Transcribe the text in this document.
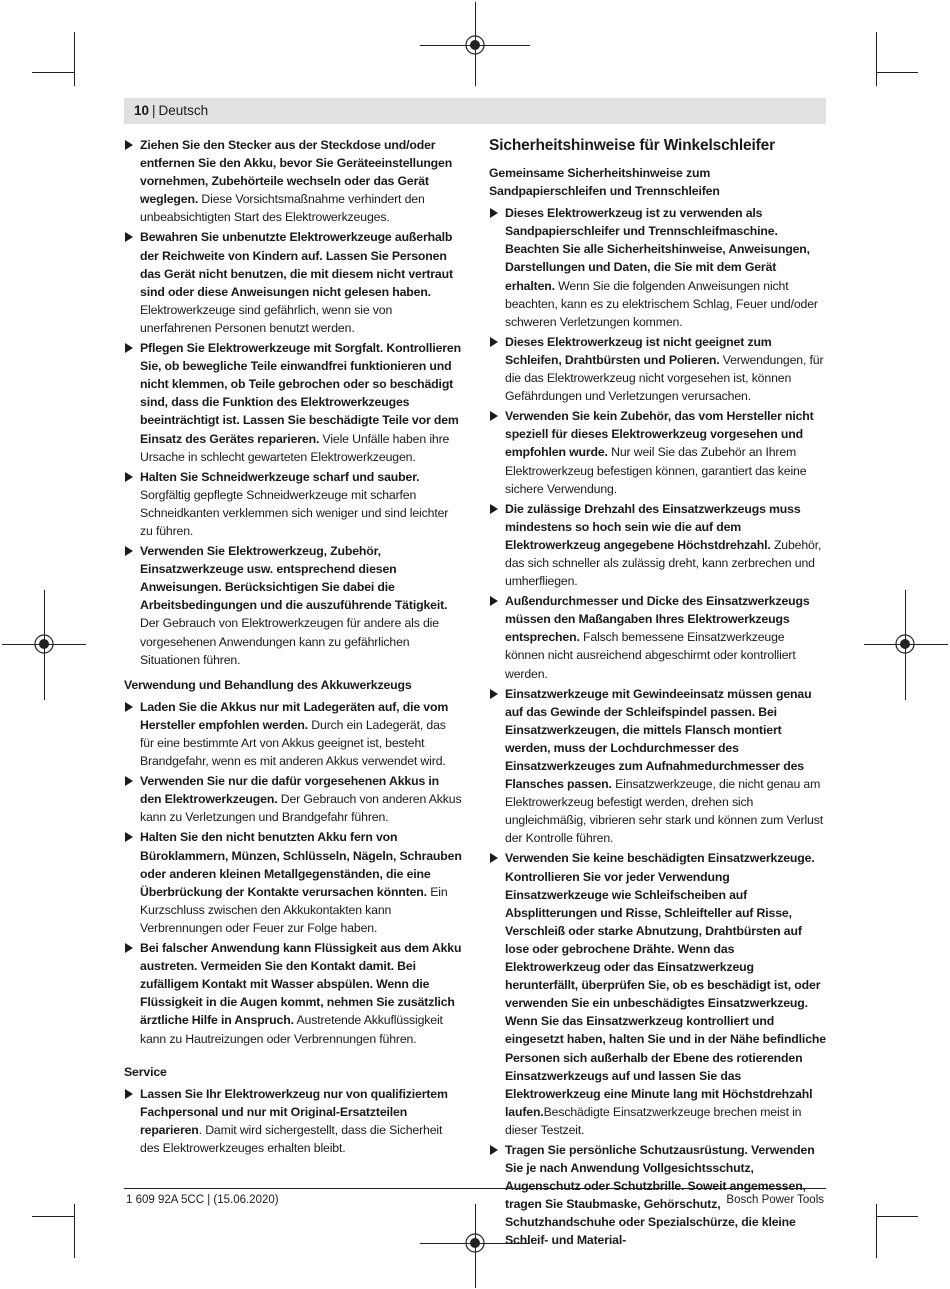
10 | Deutsch
Ziehen Sie den Stecker aus der Steckdose und/oder entfernen Sie den Akku, bevor Sie Geräteeinstellungen vornehmen, Zubehörteile wechseln oder das Gerät weglegen. Diese Vorsichtsmaßnahme verhindert den unbeabsichtigten Start des Elektrowerkzeuges.
Bewahren Sie unbenutzte Elektrowerkzeuge außerhalb der Reichweite von Kindern auf. Lassen Sie Personen das Gerät nicht benutzen, die mit diesem nicht vertraut sind oder diese Anweisungen nicht gelesen haben. Elektrowerkzeuge sind gefährlich, wenn sie von unerfahrenen Personen benutzt werden.
Pflegen Sie Elektrowerkzeuge mit Sorgfalt. Kontrollieren Sie, ob bewegliche Teile einwandfrei funktionieren und nicht klemmen, ob Teile gebrochen oder so beschädigt sind, dass die Funktion des Elektrowerkzeuges beeinträchtigt ist. Lassen Sie beschädigte Teile vor dem Einsatz des Gerätes reparieren. Viele Unfälle haben ihre Ursache in schlecht gewarteten Elektrowerkzeugen.
Halten Sie Schneidwerkzeuge scharf und sauber. Sorgfältig gepflegte Schneidwerkzeuge mit scharfen Schneidkanten verklemmen sich weniger und sind leichter zu führen.
Verwenden Sie Elektrowerkzeug, Zubehör, Einsatzwerkzeuge usw. entsprechend diesen Anweisungen. Berücksichtigen Sie dabei die Arbeitsbedingungen und die auszuführende Tätigkeit. Der Gebrauch von Elektrowerkzeugen für andere als die vorgesehenen Anwendungen kann zu gefährlichen Situationen führen.
Verwendung und Behandlung des Akkuwerkzeugs
Laden Sie die Akkus nur mit Ladegeräten auf, die vom Hersteller empfohlen werden. Durch ein Ladegerät, das für eine bestimmte Art von Akkus geeignet ist, besteht Brandgefahr, wenn es mit anderen Akkus verwendet wird.
Verwenden Sie nur die dafür vorgesehenen Akkus in den Elektrowerkzeugen. Der Gebrauch von anderen Akkus kann zu Verletzungen und Brandgefahr führen.
Halten Sie den nicht benutzten Akku fern von Büroklammern, Münzen, Schlüsseln, Nägeln, Schrauben oder anderen kleinen Metallgegenständen, die eine Überbrückung der Kontakte verursachen könnten. Ein Kurzschluss zwischen den Akkukontakten kann Verbrennungen oder Feuer zur Folge haben.
Bei falscher Anwendung kann Flüssigkeit aus dem Akku austreten. Vermeiden Sie den Kontakt damit. Bei zufälligem Kontakt mit Wasser abspülen. Wenn die Flüssigkeit in die Augen kommt, nehmen Sie zusätzlich ärztliche Hilfe in Anspruch. Austretende Akkuflüssigkeit kann zu Hautreizungen oder Verbrennungen führen.
Service
Lassen Sie Ihr Elektrowerkzeug nur von qualifiziertem Fachpersonal und nur mit Original-Ersatzteilen reparieren. Damit wird sichergestellt, dass die Sicherheit des Elektrowerkzeuges erhalten bleibt.
Sicherheitshinweise für Winkelschleifer
Gemeinsame Sicherheitshinweise zum Sandpapierschleifen und Trennschleifen
Dieses Elektrowerkzeug ist zu verwenden als Sandpapierschleifer und Trennschleifmaschine. Beachten Sie alle Sicherheitshinweise, Anweisungen, Darstellungen und Daten, die Sie mit dem Gerät erhalten. Wenn Sie die folgenden Anweisungen nicht beachten, kann es zu elektrischem Schlag, Feuer und/oder schweren Verletzungen kommen.
Dieses Elektrowerkzeug ist nicht geeignet zum Schleifen, Drahtbürsten und Polieren. Verwendungen, für die das Elektrowerkzeug nicht vorgesehen ist, können Gefährdungen und Verletzungen verursachen.
Verwenden Sie kein Zubehör, das vom Hersteller nicht speziell für dieses Elektrowerkzeug vorgesehen und empfohlen wurde. Nur weil Sie das Zubehör an Ihrem Elektrowerkzeug befestigen können, garantiert das keine sichere Verwendung.
Die zulässige Drehzahl des Einsatzwerkzeugs muss mindestens so hoch sein wie die auf dem Elektrowerkzeug angegebene Höchstdrehzahl. Zubehör, das sich schneller als zulässig dreht, kann zerbrechen und umherfliegen.
Außendurchmesser und Dicke des Einsatzwerkzeugs müssen den Maßangaben Ihres Elektrowerkzeugs entsprechen. Falsch bemessene Einsatzwerkzeuge können nicht ausreichend abgeschirmt oder kontrolliert werden.
Einsatzwerkzeuge mit Gewindeeinsatz müssen genau auf das Gewinde der Schleifspindel passen. Bei Einsatzwerkzeugen, die mittels Flansch montiert werden, muss der Lochdurchmesser des Einsatzwerkzeuges zum Aufnahmedurchmesser des Flansches passen. Einsatzwerkzeuge, die nicht genau am Elektrowerkzeug befestigt werden, drehen sich ungleichmäßig, vibrieren sehr stark und können zum Verlust der Kontrolle führen.
Verwenden Sie keine beschädigten Einsatzwerkzeuge. Kontrollieren Sie vor jeder Verwendung Einsatzwerkzeuge wie Schleifscheiben auf Absplitterungen und Risse, Schleifteller auf Risse, Verschleiß oder starke Abnutzung, Drahtbürsten auf lose oder gebrochene Drähte. Wenn das Elektrowerkzeug oder das Einsatzwerkzeug herunterfällt, überprüfen Sie, ob es beschädigt ist, oder verwenden Sie ein unbeschädigtes Einsatzwerkzeug. Wenn Sie das Einsatzwerkzeug kontrolliert und eingesetzt haben, halten Sie und in der Nähe befindliche Personen sich außerhalb der Ebene des rotierenden Einsatzwerkzeugs auf und lassen Sie das Elektrowerkzeug eine Minute lang mit Höchstdrehzahl laufen.Beschädigte Einsatzwerkzeuge brechen meist in dieser Testzeit.
Tragen Sie persönliche Schutzausrüstung. Verwenden Sie je nach Anwendung Vollgesichtsschutz, Augenschutz oder Schutzbrille. Soweit angemessen, tragen Sie Staubmaske, Gehörschutz, Schutzhandschuhe oder Spezialschürze, die kleine Schleif- und Material-
1 609 92A 5CC | (15.06.2020)	Bosch Power Tools
